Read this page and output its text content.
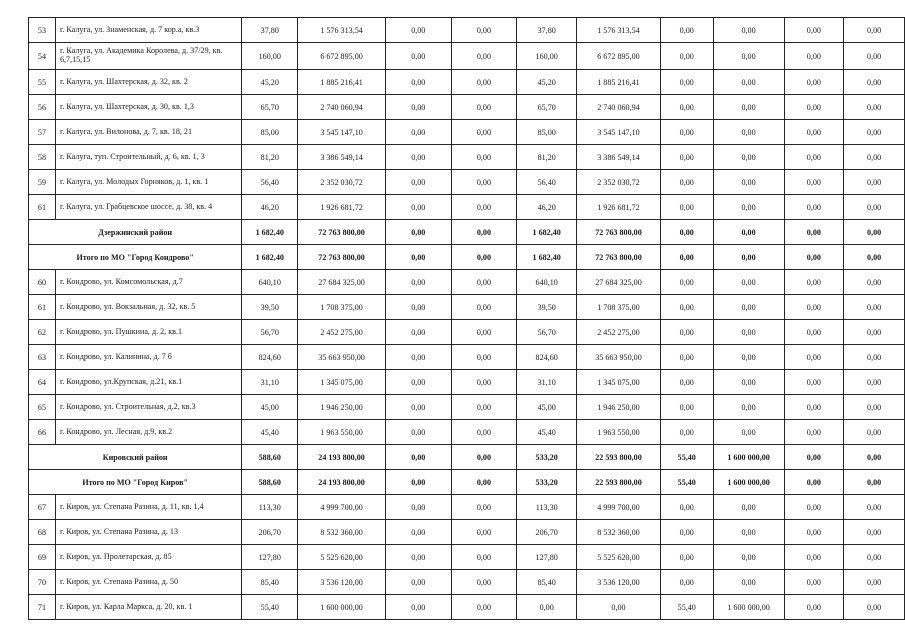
53	г. Калуга, ул. Знаменская, д. 7 кор.а, кв.3	37,80	1 576 313,54	0,00	0,00	37,80	1 576 313,54	0,00	0,00	0,00	0,00
54	г. Калуга, ул. Академика Королева, д. 37/29, кв. 6,7,15,15	160,00	6 672 895,00	0,00	0,00	160,00	6 672 895,00	0,00	0,00	0,00	0,00
55	г. Калуга, ул. Шахтерская, д. 32, кв. 2	45,20	1 885 216,41	0,00	0,00	45,20	1 885 216,41	0,00	0,00	0,00	0,00
56	г. Калуга, ул. Шахтерская, д. 30, кв. 1,3	65,70	2 740 060,94	0,00	0,00	65,70	2 740 060,94	0,00	0,00	0,00	0,00
57	г. Калуга, ул. Вилонова, д. 7, кв. 18, 21	85,00	3 545 147,10	0,00	0,00	85,00	3 545 147,10	0,00	0,00	0,00	0,00
58	г. Калуга, туп. Строительный, д. 6, кв. 1, 3	81,20	3 386 549,14	0,00	0,00	81,20	3 386 549,14	0,00	0,00	0,00	0,00
59	г. Калуга, ул. Молодых Горняков, д. 1, кв. 1	56,40	2 352 030,72	0,00	0,00	56,40	2 352 030,72	0,00	0,00	0,00	0,00
61	г. Калуга, ул. Грабцевское шоссе, д. 38, кв. 4	46,20	1 926 681,72	0,00	0,00	46,20	1 926 681,72	0,00	0,00	0,00	0,00
Дзержинский район		1 682,40	72 763 800,00	0,00	0,00	1 682,40	72 763 800,00	0,00	0,00	0,00	0,00
Итого по МО "Город Кондрово"		1 682,40	72 763 800,00	0,00	0,00	1 682,40	72 763 800,00	0,00	0,00	0,00	0,00
60	г. Кондрово, ул. Комсомольская, д.7	640,10	27 684 325,00	0,00	0,00	640,10	27 684 325,00	0,00	0,00	0,00	0,00
61	г. Кондрово, ул. Вокзальная, д. 32, кв. 5	39,50	1 708 375,00	0,00	0,00	39,50	1 708 375,00	0,00	0,00	0,00	0,00
62	г. Кондрово, ул. Пушкина, д. 2, кв.1	56,70	2 452 275,00	0,00	0,00	56,70	2 452 275,00	0,00	0,00	0,00	0,00
63	г. Кондрово, ул. Калинина, д. 7 б	824,60	35 663 950,00	0,00	0,00	824,60	35 663 950,00	0,00	0,00	0,00	0,00
64	г. Кондрово, ул.Крупская, д.21, кв.1	31,10	1 345 075,00	0,00	0,00	31,10	1 345 075,00	0,00	0,00	0,00	0,00
65	г. Кондрово, ул. Строительная, д.2, кв.3	45,00	1 946 250,00	0,00	0,00	45,00	1 946 250,00	0,00	0,00	0,00	0,00
66	г. Кондрово, ул. Лесная, д.9, кв.2	45,40	1 963 550,00	0,00	0,00	45,40	1 963 550,00	0,00	0,00	0,00	0,00
Кировский район		588,60	24 193 800,00	0,00	0,00	533,20	22 593 800,00	55,40	1 600 000,00	0,00	0,00
Итого по МО "Город Киров"		588,60	24 193 800,00	0,00	0,00	533,20	22 593 800,00	55,40	1 600 000,00	0,00	0,00
67	г. Киров, ул. Степана Разина, д. 11, кв. 1,4	113,30	4 999 700,00	0,00	0,00	113,30	4 999 700,00	0,00	0,00	0,00	0,00
68	г. Киров, ул. Степана Разина, д. 13	206,70	8 532 360,00	0,00	0,00	206,70	8 532 360,00	0,00	0,00	0,00	0,00
69	г. Киров, ул. Пролетарская, д. 85	127,80	5 525 620,00	0,00	0,00	127,80	5 525 620,00	0,00	0,00	0,00	0,00
70	г. Киров, ул. Степана Разина, д. 50	85,40	3 536 120,00	0,00	0,00	85,40	3 536 120,00	0,00	0,00	0,00	0,00
71	г. Киров, ул. Карла Маркса, д. 20, кв. 1	55,40	1 600 000,00	0,00	0,00	0,00	0,00	55,40	1 600 000,00	0,00	0,00
